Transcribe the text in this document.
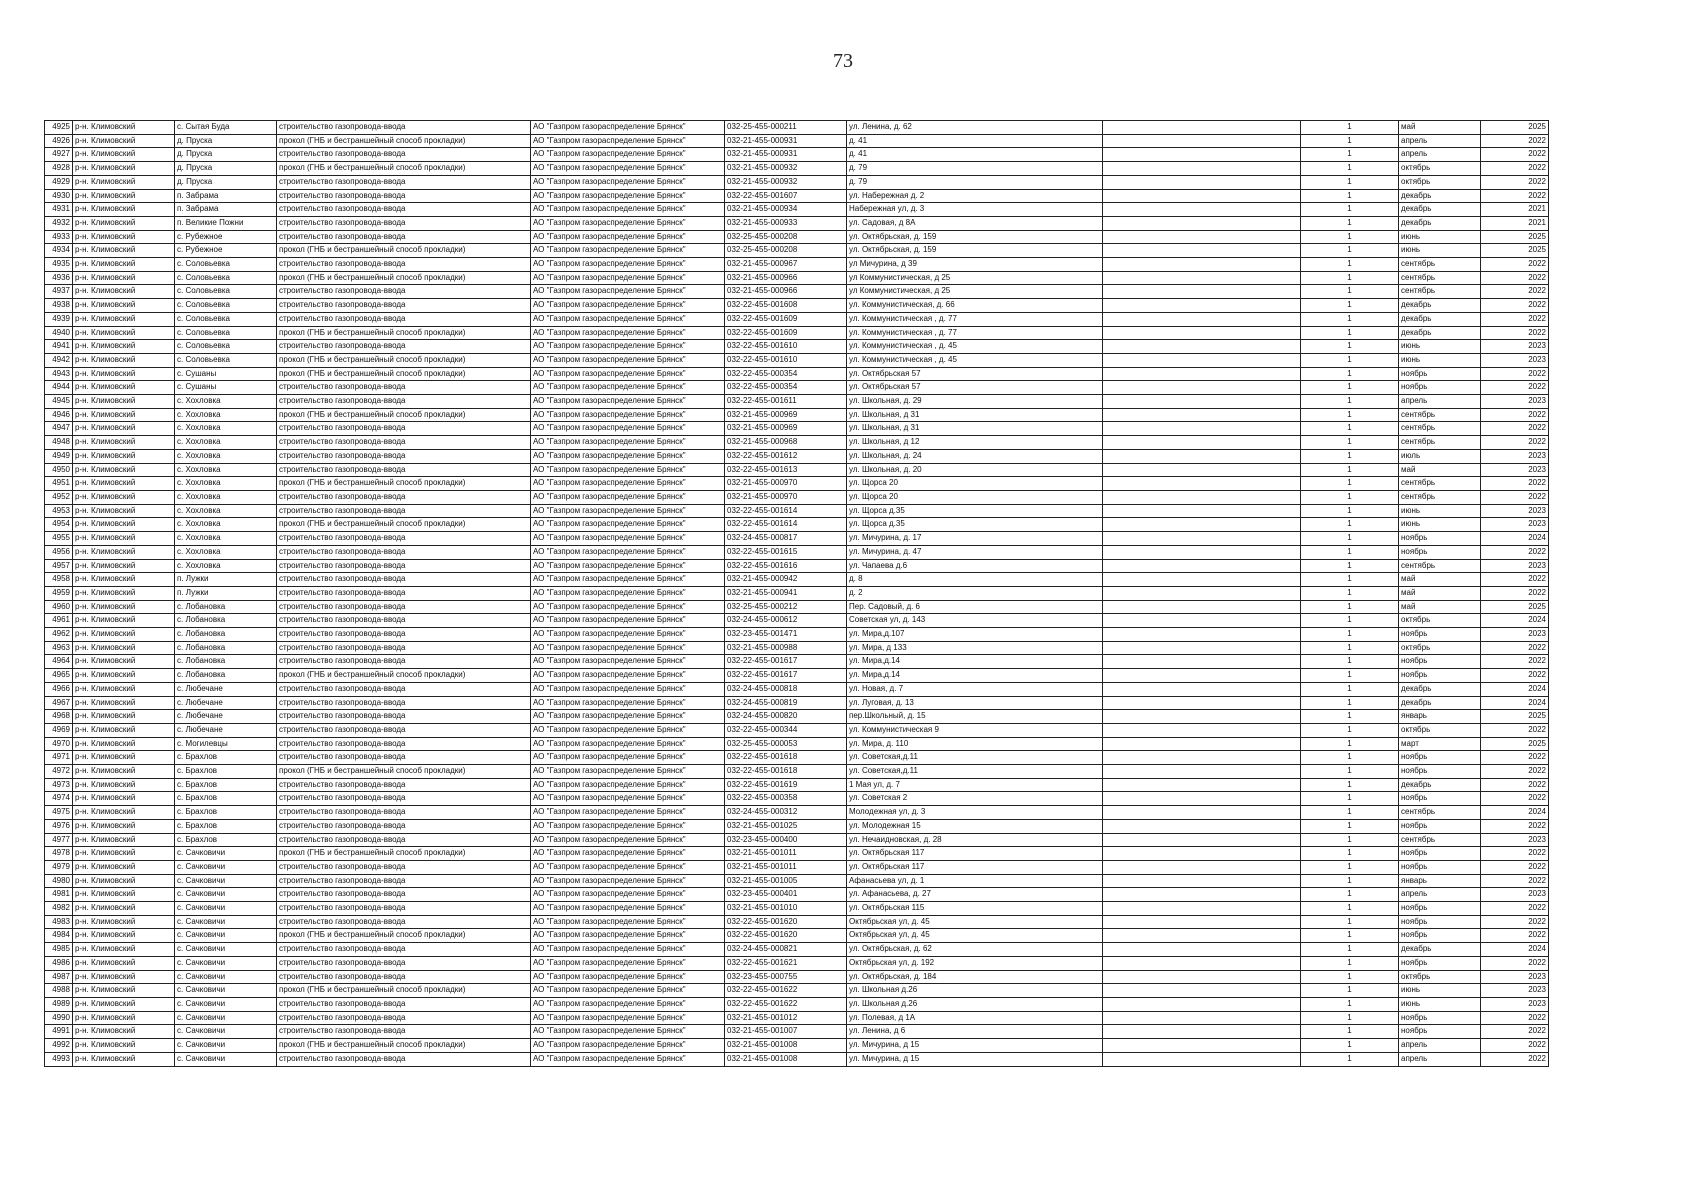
73
4925	р-н. Климовский	с. Сытая Буда	строительство газопровода-ввода	АО "Газпром газораспределение Брянск"	032-25-455-000211	ул. Ленина, д. 62		1	май	2025
4926	р-н. Климовский	д. Пруска	прокол (ГНБ и бестраншейный способ прокладки)	АО "Газпром газораспределение Брянск"	032-21-455-000931	д. 41		1	апрель	2022
4927	р-н. Климовский	д. Пруска	строительство газопровода-ввода	АО "Газпром газораспределение Брянск"	032-21-455-000931	д. 41		1	апрель	2022
4928	р-н. Климовский	д. Пруска	прокол (ГНБ и бестраншейный способ прокладки)	АО "Газпром газораспределение Брянск"	032-21-455-000932	д. 79		1	октябрь	2022
4929	р-н. Климовский	д. Пруска	строительство газопровода-ввода	АО "Газпром газораспределение Брянск"	032-21-455-000932	д. 79		1	октябрь	2022
4930	р-н. Климовский	п. Забрама	строительство газопровода-ввода	АО "Газпром газораспределение Брянск"	032-22-455-001607	ул. Набережная д. 2		1	декабрь	2022
4931	р-н. Климовский	п. Забрама	строительство газопровода-ввода	АО "Газпром газораспределение Брянск"	032-21-455-000934	Набережная ул, д. 3		1	декабрь	2021
4932	р-н. Климовский	п. Великие Пожни	строительство газопровода-ввода	АО "Газпром газораспределение Брянск"	032-21-455-000933	ул. Садовая, д 8А		1	декабрь	2021
4933	р-н. Климовский	с. Рубежное	строительство газопровода-ввода	АО "Газпром газораспределение Брянск"	032-25-455-000208	ул. Октябрьская, д. 159		1	июнь	2025
4934	р-н. Климовский	с. Рубежное	прокол (ГНБ и бестраншейный способ прокладки)	АО "Газпром газораспределение Брянск"	032-25-455-000208	ул. Октябрьская, д. 159		1	июнь	2025
4935	р-н. Климовский	с. Соловьевка	строительство газопровода-ввода	АО "Газпром газораспределение Брянск"	032-21-455-000967	ул Мичурина, д 39		1	сентябрь	2022
4936	р-н. Климовский	с. Соловьевка	прокол (ГНБ и бестраншейный способ прокладки)	АО "Газпром газораспределение Брянск"	032-21-455-000966	ул Коммунистическая, д 25		1	сентябрь	2022
4937	р-н. Климовский	с. Соловьевка	строительство газопровода-ввода	АО "Газпром газораспределение Брянск"	032-21-455-000966	ул Коммунистическая, д 25		1	сентябрь	2022
4938	р-н. Климовский	с. Соловьевка	строительство газопровода-ввода	АО "Газпром газораспределение Брянск"	032-22-455-001608	ул. Коммунистическая, д. 66		1	декабрь	2022
4939	р-н. Климовский	с. Соловьевка	строительство газопровода-ввода	АО "Газпром газораспределение Брянск"	032-22-455-001609	ул. Коммунистическая , д. 77		1	декабрь	2022
4940	р-н. Климовский	с. Соловьевка	прокол (ГНБ и бестраншейный способ прокладки)	АО "Газпром газораспределение Брянск"	032-22-455-001609	ул. Коммунистическая , д. 77		1	декабрь	2022
4941	р-н. Климовский	с. Соловьевка	строительство газопровода-ввода	АО "Газпром газораспределение Брянск"	032-22-455-001610	ул. Коммунистическая , д. 45		1	июнь	2023
4942	р-н. Климовский	с. Соловьевка	прокол (ГНБ и бестраншейный способ прокладки)	АО "Газпром газораспределение Брянск"	032-22-455-001610	ул. Коммунистическая , д. 45		1	июнь	2023
4943	р-н. Климовский	с. Сушаны	прокол (ГНБ и бестраншейный способ прокладки)	АО "Газпром газораспределение Брянск"	032-22-455-000354	ул. Октябрьская 57		1	ноябрь	2022
4944	р-н. Климовский	с. Сушаны	строительство газопровода-ввода	АО "Газпром газораспределение Брянск"	032-22-455-000354	ул. Октябрьская 57		1	ноябрь	2022
4945	р-н. Климовский	с. Хохловка	строительство газопровода-ввода	АО "Газпром газораспределение Брянск"	032-22-455-001611	ул. Школьная, д. 29		1	апрель	2023
4946	р-н. Климовский	с. Хохловка	прокол (ГНБ и бестраншейный способ прокладки)	АО "Газпром газораспределение Брянск"	032-21-455-000969	ул. Школьная, д 31		1	сентябрь	2022
4947	р-н. Климовский	с. Хохловка	строительство газопровода-ввода	АО "Газпром газораспределение Брянск"	032-21-455-000969	ул. Школьная, д 31		1	сентябрь	2022
4948	р-н. Климовский	с. Хохловка	строительство газопровода-ввода	АО "Газпром газораспределение Брянск"	032-21-455-000968	ул. Школьная, д 12		1	сентябрь	2022
4949	р-н. Климовский	с. Хохловка	строительство газопровода-ввода	АО "Газпром газораспределение Брянск"	032-22-455-001612	ул. Школьная, д. 24		1	июль	2023
4950	р-н. Климовский	с. Хохловка	строительство газопровода-ввода	АО "Газпром газораспределение Брянск"	032-22-455-001613	ул. Школьная, д. 20		1	май	2023
4951	р-н. Климовский	с. Хохловка	прокол (ГНБ и бестраншейный способ прокладки)	АО "Газпром газораспределение Брянск"	032-21-455-000970	ул. Щорса 20		1	сентябрь	2022
4952	р-н. Климовский	с. Хохловка	строительство газопровода-ввода	АО "Газпром газораспределение Брянск"	032-21-455-000970	ул. Щорса 20		1	сентябрь	2022
4953	р-н. Климовский	с. Хохловка	строительство газопровода-ввода	АО "Газпром газораспределение Брянск"	032-22-455-001614	ул. Щорса д.35		1	июнь	2023
4954	р-н. Климовский	с. Хохловка	прокол (ГНБ и бестраншейный способ прокладки)	АО "Газпром газораспределение Брянск"	032-22-455-001614	ул. Щорса д.35		1	июнь	2023
4955	р-н. Климовский	с. Хохловка	строительство газопровода-ввода	АО "Газпром газораспределение Брянск"	032-24-455-000817	ул. Мичурина, д. 17		1	ноябрь	2024
4956	р-н. Климовский	с. Хохловка	строительство газопровода-ввода	АО "Газпром газораспределение Брянск"	032-22-455-001615	ул. Мичурина, д. 47		1	ноябрь	2022
4957	р-н. Климовский	с. Хохловка	строительство газопровода-ввода	АО "Газпром газораспределение Брянск"	032-22-455-001616	ул. Чапаева д.6		1	сентябрь	2023
4958	р-н. Климовский	п. Лужки	строительство газопровода-ввода	АО "Газпром газораспределение Брянск"	032-21-455-000942	д. 8		1	май	2022
4959	р-н. Климовский	п. Лужки	строительство газопровода-ввода	АО "Газпром газораспределение Брянск"	032-21-455-000941	д. 2		1	май	2022
4960	р-н. Климовский	с. Лобановка	строительство газопровода-ввода	АО "Газпром газораспределение Брянск"	032-25-455-000212	Пер. Садовый, д. 6		1	май	2025
4961	р-н. Климовский	с. Лобановка	строительство газопровода-ввода	АО "Газпром газораспределение Брянск"	032-24-455-000612	Советская ул, д. 143		1	октябрь	2024
4962	р-н. Климовский	с. Лобановка	строительство газопровода-ввода	АО "Газпром газораспределение Брянск"	032-23-455-001471	ул. Мира,д.107		1	ноябрь	2023
4963	р-н. Климовский	с. Лобановка	строительство газопровода-ввода	АО "Газпром газораспределение Брянск"	032-21-455-000988	ул. Мира, д 133		1	октябрь	2022
4964	р-н. Климовский	с. Лобановка	строительство газопровода-ввода	АО "Газпром газораспределение Брянск"	032-22-455-001617	ул. Мира,д.14		1	ноябрь	2022
4965	р-н. Климовский	с. Лобановка	прокол (ГНБ и бестраншейный способ прокладки)	АО "Газпром газораспределение Брянск"	032-22-455-001617	ул. Мира,д.14		1	ноябрь	2022
4966	р-н. Климовский	с. Любечане	строительство газопровода-ввода	АО "Газпром газораспределение Брянск"	032-24-455-000818	ул. Новая, д. 7		1	декабрь	2024
4967	р-н. Климовский	с. Любечане	строительство газопровода-ввода	АО "Газпром газораспределение Брянск"	032-24-455-000819	ул. Луговая, д. 13		1	декабрь	2024
4968	р-н. Климовский	с. Любечане	строительство газопровода-ввода	АО "Газпром газораспределение Брянск"	032-24-455-000820	пер.Школьный, д. 15		1	январь	2025
4969	р-н. Климовский	с. Любечане	строительство газопровода-ввода	АО "Газпром газораспределение Брянск"	032-22-455-000344	ул. Коммунистическая 9		1	октябрь	2022
4970	р-н. Климовский	с. Могилевцы	строительство газопровода-ввода	АО "Газпром газораспределение Брянск"	032-25-455-000053	ул. Мира, д. 110		1	март	2025
4971	р-н. Климовский	с. Брахлов	строительство газопровода-ввода	АО "Газпром газораспределение Брянск"	032-22-455-001618	ул. Советская,д.11		1	ноябрь	2022
4972	р-н. Климовский	с. Брахлов	прокол (ГНБ и бестраншейный способ прокладки)	АО "Газпром газораспределение Брянск"	032-22-455-001618	ул. Советская,д.11		1	ноябрь	2022
4973	р-н. Климовский	с. Брахлов	строительство газопровода-ввода	АО "Газпром газораспределение Брянск"	032-22-455-001619	1 Мая ул, д. 7		1	декабрь	2022
4974	р-н. Климовский	с. Брахлов	строительство газопровода-ввода	АО "Газпром газораспределение Брянск"	032-22-455-000358	ул. Советская 2		1	ноябрь	2022
4975	р-н. Климовский	с. Брахлов	строительство газопровода-ввода	АО "Газпром газораспределение Брянск"	032-24-455-000312	Молодежная ул, д. 3		1	сентябрь	2024
4976	р-н. Климовский	с. Брахлов	строительство газопровода-ввода	АО "Газпром газораспределение Брянск"	032-21-455-001025	ул. Молодежная 15		1	ноябрь	2022
4977	р-н. Климовский	с. Брахлов	строительство газопровода-ввода	АО "Газпром газораспределение Брянск"	032-23-455-000400	ул. Нечаидновская, д. 28		1	сентябрь	2023
4978	р-н. Климовский	с. Сачковичи	прокол (ГНБ и бестраншейный способ прокладки)	АО "Газпром газораспределение Брянск"	032-21-455-001011	ул. Октябрьская 117		1	ноябрь	2022
4979	р-н. Климовский	с. Сачковичи	строительство газопровода-ввода	АО "Газпром газораспределение Брянск"	032-21-455-001011	ул. Октябрьская 117		1	ноябрь	2022
4980	р-н. Климовский	с. Сачковичи	строительство газопровода-ввода	АО "Газпром газораспределение Брянск"	032-21-455-001005	Афанасьева ул, д. 1		1	январь	2022
4981	р-н. Климовский	с. Сачковичи	строительство газопровода-ввода	АО "Газпром газораспределение Брянск"	032-23-455-000401	ул. Афанасьева, д. 27		1	апрель	2023
4982	р-н. Климовский	с. Сачковичи	строительство газопровода-ввода	АО "Газпром газораспределение Брянск"	032-21-455-001010	ул. Октябрьская 115		1	ноябрь	2022
4983	р-н. Климовский	с. Сачковичи	строительство газопровода-ввода	АО "Газпром газораспределение Брянск"	032-22-455-001620	Октябрьская ул, д. 45		1	ноябрь	2022
4984	р-н. Климовский	с. Сачковичи	прокол (ГНБ и бестраншейный способ прокладки)	АО "Газпром газораспределение Брянск"	032-22-455-001620	Октябрьская ул, д. 45		1	ноябрь	2022
4985	р-н. Климовский	с. Сачковичи	строительство газопровода-ввода	АО "Газпром газораспределение Брянск"	032-24-455-000821	ул. Октябрьская, д. 62		1	декабрь	2024
4986	р-н. Климовский	с. Сачковичи	строительство газопровода-ввода	АО "Газпром газораспределение Брянск"	032-22-455-001621	Октябрьская ул, д. 192		1	ноябрь	2022
4987	р-н. Климовский	с. Сачковичи	строительство газопровода-ввода	АО "Газпром газораспределение Брянск"	032-23-455-000755	ул. Октябрьская, д. 184		1	октябрь	2023
4988	р-н. Климовский	с. Сачковичи	прокол (ГНБ и бестраншейный способ прокладки)	АО "Газпром газораспределение Брянск"	032-22-455-001622	ул. Школьная д.26		1	июнь	2023
4989	р-н. Климовский	с. Сачковичи	строительство газопровода-ввода	АО "Газпром газораспределение Брянск"	032-22-455-001622	ул. Школьная д.26		1	июнь	2023
4990	р-н. Климовский	с. Сачковичи	строительство газопровода-ввода	АО "Газпром газораспределение Брянск"	032-21-455-001012	ул. Полевая, д 1А		1	ноябрь	2022
4991	р-н. Климовский	с. Сачковичи	строительство газопровода-ввода	АО "Газпром газораспределение Брянск"	032-21-455-001007	ул. Ленина, д 6		1	ноябрь	2022
4992	р-н. Климовский	с. Сачковичи	прокол (ГНБ и бестраншейный способ прокладки)	АО "Газпром газораспределение Брянск"	032-21-455-001008	ул. Мичурина, д 15		1	апрель	2022
4993	р-н. Климовский	с. Сачковичи	строительство газопровода-ввода	АО "Газпром газораспределение Брянск"	032-21-455-001008	ул. Мичурина, д 15		1	апрель	2022
